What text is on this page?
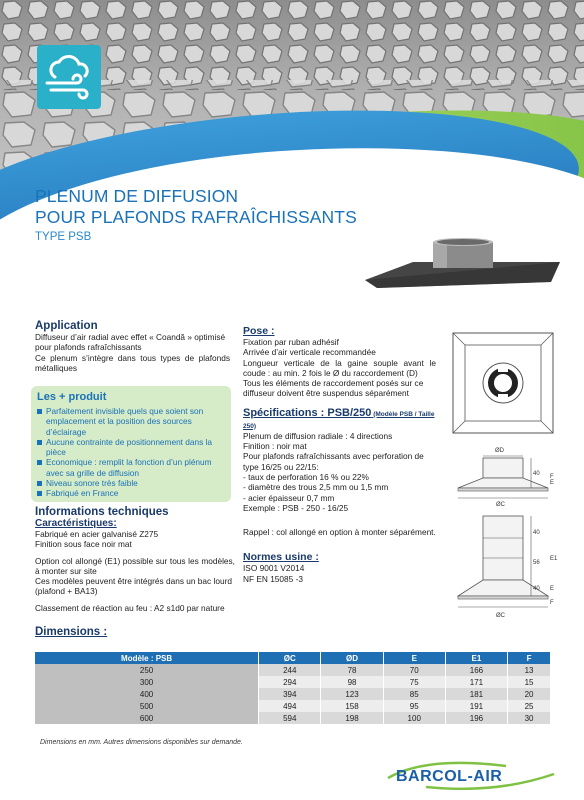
PLENUM DE DIFFUSION
POUR PLAFONDS RAFRAÎCHISSANTS
TYPE PSB
Application
Diffuseur d’air radial avec effet « Coandă » optimisé pour plafonds rafraîchissants
Ce plenum s’intègre dans tous types de plafonds métalliques
Les + produit
Parfaitement invisible quels que soient son emplacement et la position des sources d’éclairage
Aucune contrainte de positionnement dans la pièce
Economique : remplit la fonction d’un plénum avec sa grille de diffusion
Niveau sonore très faible
Fabriqué en France
Informations techniques
Caractéristiques:
Fabriqué en acier galvanisé Z275
Finition sous face noir mat
Option col allongé (E1) possible sur tous les modèles, à monter sur site
Ces modèles peuvent être intégrés dans un bac lourd (plafond + BA13)
Classement de réaction au feu : A2 s1d0 par nature
Pose :
Fixation par ruban adhésif
Arrivée d’air verticale recommandée
Longueur verticale de la gaine souple avant le coude : au min. 2 fois le Ø du raccordement (D)
Tous les éléments de raccordement posés sur ce diffuseur doivent être suspendus séparément
Spécifications : PSB/250 (Modèle PSB / Taille 250)
Plenum de diffusion radiale : 4 directions
Finition : noir mat
Pour plafonds rafraîchissants avec perforation de type 16/25 ou 22/15:
- taux de perforation 16 % ou 22%
- diamètre des trous 2,5 mm ou 1,5 mm
- acier épaisseur 0,7 mm
Exemple : PSB - 250 - 16/25
Rappel : col allongé en option à monter séparément.
Normes usine :
ISO 9001 V2014
NF EN 15085 -3
ØD
40
E
F
ØC
40
56
40
E1
E
F
ØC
Dimensions :
Modèle : PSB	ØC	ØD	E	E1	F
250	244	78	70	166	13
300	294	98	75	171	15
400	394	123	85	181	20
500	494	158	95	191	25
600	594	198	100	196	30
Dimensions en mm. Autres dimensions disponibles sur demande.
BARCOL-AIR
